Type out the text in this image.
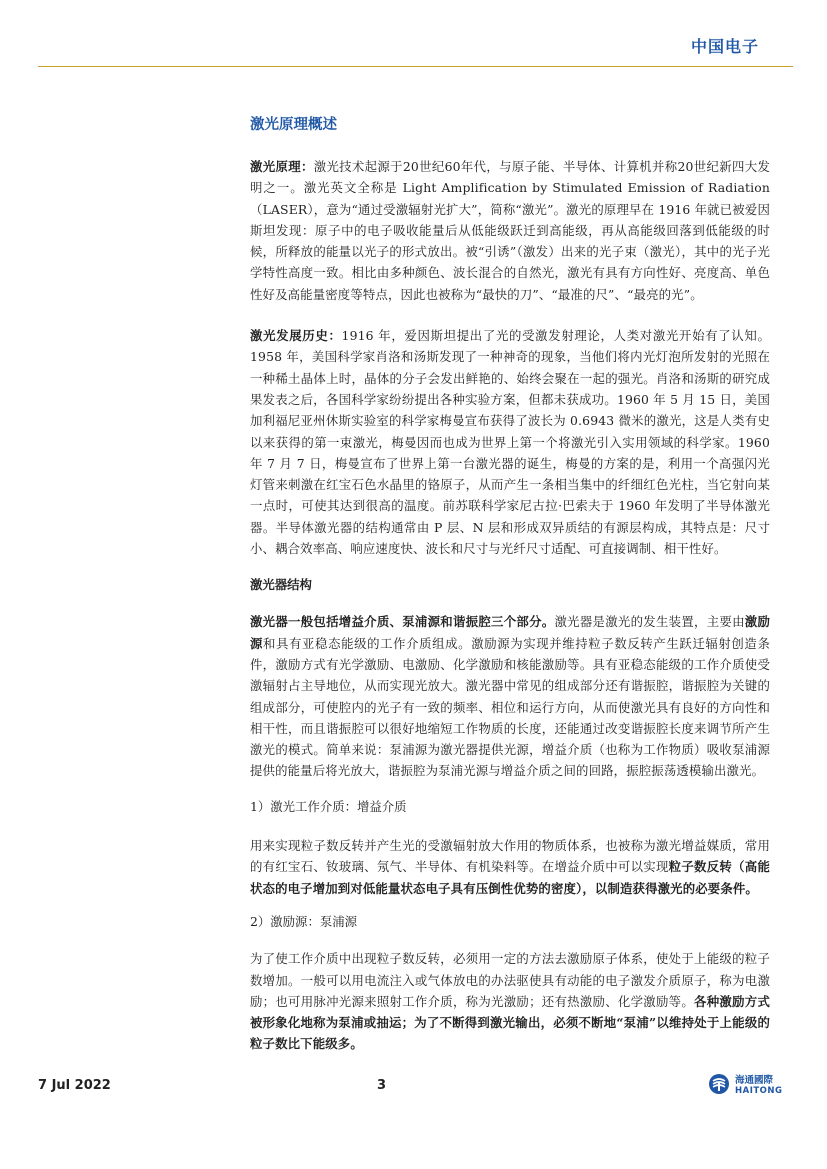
中国电子
激光原理概述

激光原理：激光技术起源于20世纪60年代，与原子能、半导体、计算机并称20世纪新四大发明之一。激光英文全称是 Light Amplification by Stimulated Emission of Radiation（LASER），意为“通过受激辐射光扩大”，简称“激光”。激光的原理早在 1916 年就已被爱因斯坦发现：原子中的电子吸收能量后从低能级跃迁到高能级，再从高能级回落到低能级的时候，所释放的能量以光子的形式放出。被“引诱”（激发）出来的光子束（激光），其中的光子光学特性高度一致。相比由多种颜色、波长混合的自然光，激光有具有方向性好、亮度高、单色性好及高能量密度等特点，因此也被称为“最快的刀”、“最准的尺”、“最亮的光”。

激光发展历史：1916 年，爱因斯坦提出了光的受激发射理论，人类对激光开始有了认知。1958 年，美国科学家肖洛和汤斯发现了一种神奇的现象，当他们将内光灯泡所发射的光照在一种稀土晶体上时，晶体的分子会发出鲜艳的、始终会聚在一起的强光。肖洛和汤斯的研究成果发表之后，各国科学家纷纷提出各种实验方案，但都未获成功。1960 年 5 月 15 日，美国加利福尼亚州休斯实验室的科学家梅曼宣布获得了波长为 0.6943 微米的激光，这是人类有史以来获得的第一束激光，梅曼因而也成为世界上第一个将激光引入实用领域的科学家。1960 年 7 月 7 日，梅曼宣布了世界上第一台激光器的诞生，梅曼的方案的是，利用一个高强闪光灯管来刺激在红宝石色水晶里的铬原子，从而产生一条相当集中的纤细红色光柱，当它射向某一点时，可使其达到很高的温度。前苏联科学家尼古拉·巴索夫于 1960 年发明了半导体激光器。半导体激光器的结构通常由 P 层、N 层和形成双异质结的有源层构成，其特点是：尺寸小、耦合效率高、响应速度快、波长和尺寸与光纤尺寸适配、可直接调制、相干性好。

激光器结构

激光器一般包括增益介质、泵浦源和谐振腔三个部分。激光器是激光的发生装置，主要由激励源和具有亚稳态能级的工作介质组成。激励源为实现并维持粒子数反转产生跃迁辐射创造条件，激励方式有光学激励、电激励、化学激励和核能激励等。具有亚稳态能级的工作介质使受激辐射占主导地位，从而实现光放大。激光器中常见的组成部分还有谐振腔，谐振腔为关键的组成部分，可使腔内的光子有一致的频率、相位和运行方向，从而使激光具有良好的方向性和相干性，而且谐振腔可以很好地缩短工作物质的长度，还能通过改变谐振腔长度来调节所产生激光的模式。简单来说：泵浦源为激光器提供光源，增益介质（也称为工作物质）吸收泵浦源提供的能量后将光放大，谐振腔为泵浦光源与增益介质之间的回路，振腔振荡透模输出激光。

1）激光工作介质：增益介质

用来实现粒子数反转并产生光的受激辐射放大作用的物质体系，也被称为激光增益媒质，常用的有红宝石、钕玻璃、氖气、半导体、有机染料等。在增益介质中可以实现粒子数反转（高能状态的电子增加到对低能量状态电子具有压倒性优势的密度），以制造获得激光的必要条件。

2）激励源：泵浦源

为了使工作介质中出现粒子数反转，必须用一定的方法去激励原子体系，使处于上能级的粒子数增加。一般可以用电流注入或气体放电的办法驱使具有动能的电子激发介质原子，称为电激励；也可用脉冲光源来照射工作介质，称为光激励；还有热激励、化学激励等。各种激励方式被形象化地称为泵浦或抽运；为了不断得到激光输出，必须不断地“泵浦”以维持处于上能级的粒子数比下能级多。

7 Jul 2022	3	海通國際
HAITONG
